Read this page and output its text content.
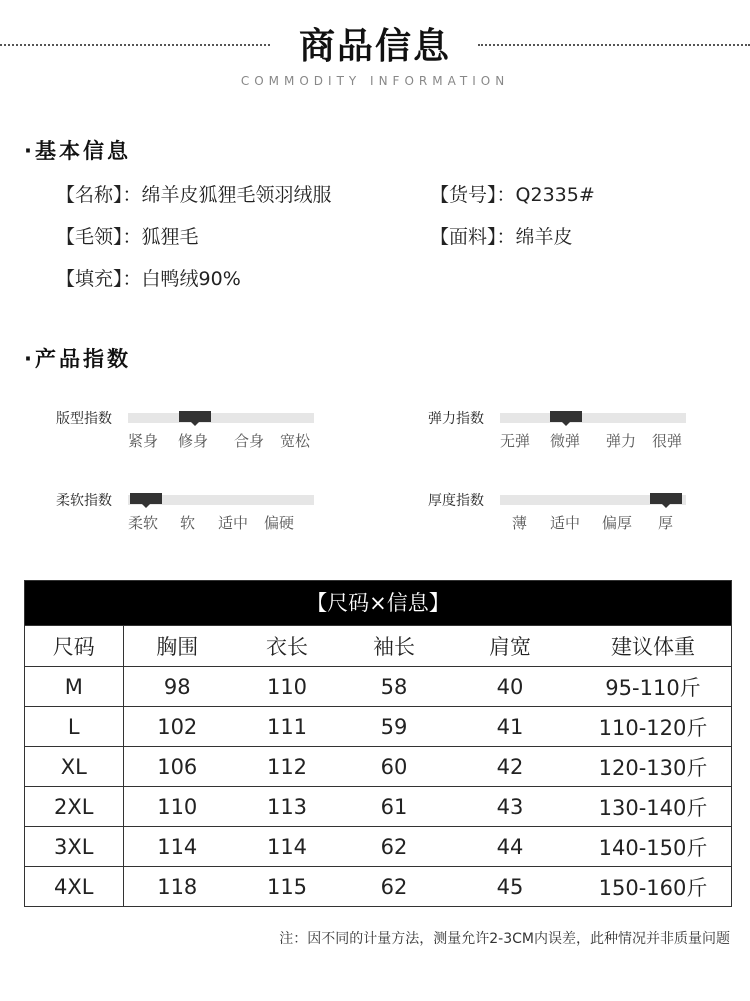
商品信息
COMMODITY INFORMATION
·基本信息
【名称】：绵羊皮狐狸毛领羽绒服	【货号】：Q2335#
【毛领】：狐狸毛	【面料】：绵羊皮
【填充】：白鸭绒90%
·产品指数
版型指数
紧身 修身 合身 宽松
弹力指数
无弹 微弹 弹力 很弹
柔软指数
柔软 软 适中 偏硬
厚度指数
薄 适中 偏厚 厚
【尺码×信息】
尺码	胸围	衣长	袖长	肩宽	建议体重
M	98	110	58	40	95-110斤
L	102	111	59	41	110-120斤
XL	106	112	60	42	120-130斤
2XL	110	113	61	43	130-140斤
3XL	114	114	62	44	140-150斤
4XL	118	115	62	45	150-160斤
注：因不同的计量方法，测量允许2-3CM内误差，此种情况并非质量问题
